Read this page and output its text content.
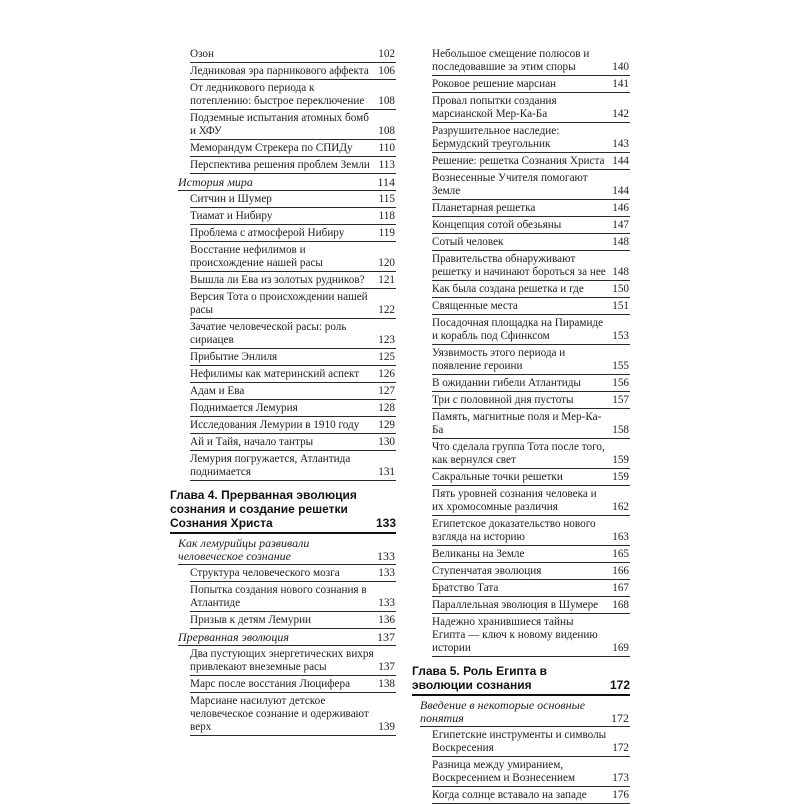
Озон	102
Ледниковая эра парникового аффекта 106
От ледникового периода к потеплению: быстрое переключение	108
Подземные испытания атомных бомб и ХФУ	108
Меморандум Стрекера по СПИДу	110
Перспектива решения проблем Земли 113
История мира	114
Ситчин и Шумер	115
Тиамат и Нибиру	118
Проблема с атмосферой Нибиру	119
Восстание нефилимов и происхождение нашей расы	120
Вышла ли Ева из золотых рудников?	121
Версия Тота о происхождении нашей расы	122
Зачатие человеческой расы: роль сириацев	123
Прибытие Энлиля	125
Нефилимы как материнский аспект	126
Адам и Ева	127
Поднимается Лемурия	128
Исследования Лемурии в 1910 году	129
Ай и Тайя, начало тантры	130
Лемурия погружается, Атлантида поднимается	131
Глава 4. Прерванная эволюция сознания и создание решетки Сознания Христа	133
Как лемурийцы развивали человеческое сознание	133
Структура человеческого мозга	133
Попытка создания нового сознания в Атлантиде	133
Призыв к детям Лемурии	136
Прерванная эволюция	137
Два пустующих энергетических вихря привлекают внеземные расы	137
Марс после восстания Люцифера	138
Марсиане насилуют детское человеческое сознание и одерживают верх	139
Небольшое смещение полюсов и последовавшие за этим споры	140
Роковое решение марсиан	141
Провал попытки создания марсианской Мер-Ка-Ба	142
Разрушительное наследие: Бермудский треугольник	143
Решение: решетка Сознания Христа 144
Вознесенные Учителя помогают Земле	144
Планетарная решетка	146
Концепция сотой обезьяны	147
Сотый человек	148
Правительства обнаруживают решетку и начинают бороться за нее 148
Как была создана решетка и где	150
Священные места	151
Посадочная площадка на Пирамиде и корабль под Сфинксом	153
Уязвимость этого периода и появление героини	155
В ожидании гибели Атлантиды	156
Три с половиной дня пустоты	157
Память, магнитные поля и Мер-Ка-Ба	158
Что сделала группа Тота после того, как вернулся свет	159
Сакральные точки решетки	159
Пять уровней сознания человека и их хромосомные различия	162
Египетское доказательство нового взгляда на историю	163
Великаны на Земле	165
Ступенчатая эволюция	166
Братство Тата	167
Параллельная эволюция в Шумере	168
Надежно хранившиеся тайны Египта — ключ к новому видению истории	169
Глава 5. Роль Египта в эволюции сознания	172
Введение в некоторые основные понятия	172
Египетские инструменты и символы Воскресения	172
Разница между умиранием, Воскресением и Вознесением	173
Когда солнце вставало на западе	176
